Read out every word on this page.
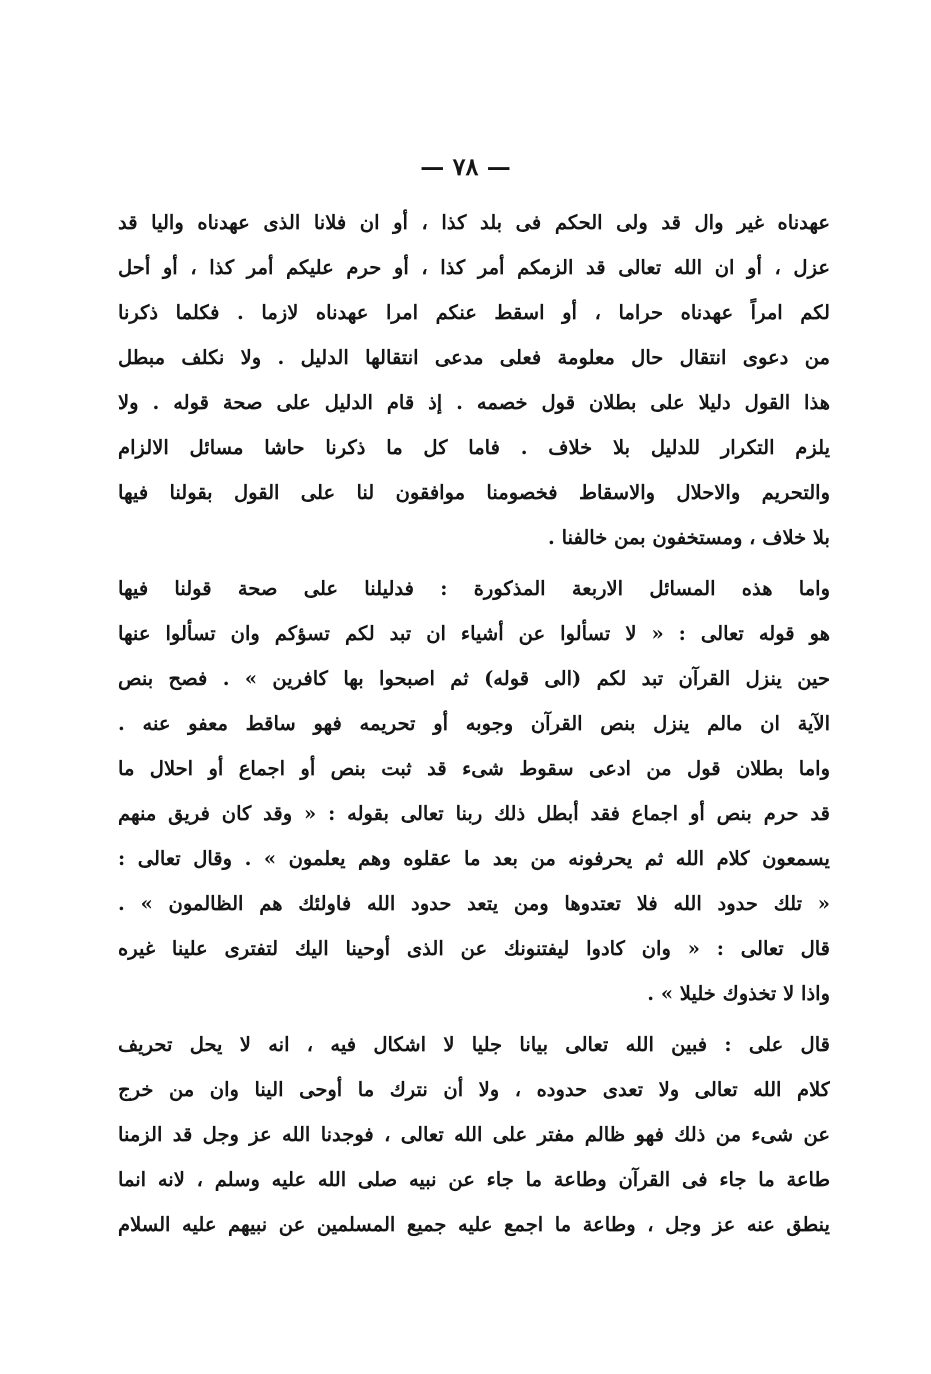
— ٧٨ —
عهدناه غير وال قد ولى الحكم فى بلد كذا ، أو ان فلانا الذى عهدناه واليا قد
عزل ، أو ان الله تعالى قد الزمكم أمر كذا ، أو حرم عليكم أمر كذا ، أو أحل
لكم امراً عهدناه حراما ، أو اسقط عنكم امرا عهدناه لازما . فكلما ذكرنا
من دعوى انتقال حال معلومة فعلى مدعى انتقالها الدليل . ولا نكلف مبطل
هذا القول دليلا على بطلان قول خصمه . إذ قام الدليل على صحة قوله . ولا
يلزم التكرار للدليل بلا خلاف . فاما كل ما ذكرنا حاشا مسائل الالزام
والتحريم والاحلال والاسقاط فخصومنا موافقون لنا على القول بقولنا فيها
بلا خلاف ، ومستخفون بمن خالفنا .
واما هذه المسائل الاربعة المذكورة : فدليلنا على صحة قولنا فيها
هو قوله تعالى : « لا تسألوا عن أشياء ان تبد لكم تسؤكم وان تسألوا عنها
حين ينزل القرآن تبد لكم (الى قوله) ثم اصبحوا بها كافرين » . فصح بنص
الآية ان مالم ينزل بنص القرآن وجوبه أو تحريمه فهو ساقط معفو عنه .
واما بطلان قول من ادعى سقوط شىء قد ثبت بنص أو اجماع أو احلال ما
قد حرم بنص أو اجماع فقد أبطل ذلك ربنا تعالى بقوله : « وقد كان فريق منهم
يسمعون كلام الله ثم يحرفونه من بعد ما عقلوه وهم يعلمون » . وقال تعالى :
« تلك حدود الله فلا تعتدوها ومن يتعد حدود الله فاولئك هم الظالمون » .
قال تعالى : « وان كادوا ليفتنونك عن الذى أوحينا اليك لتفترى علينا غيره
واذا لا تخذوك خليلا » .
قال على : فبين الله تعالى بيانا جليا لا اشكال فيه ، انه لا يحل تحريف
كلام الله تعالى ولا تعدى حدوده ، ولا أن نترك ما أوحى الينا وان من خرج
عن شىء من ذلك فهو ظالم مفتر على الله تعالى ، فوجدنا الله عز وجل قد الزمنا
طاعة ما جاء فى القرآن وطاعة ما جاء عن نبيه صلى الله عليه وسلم ، لانه انما
ينطق عنه عز وجل ، وطاعة ما اجمع عليه جميع المسلمين عن نبيهم عليه السلام
